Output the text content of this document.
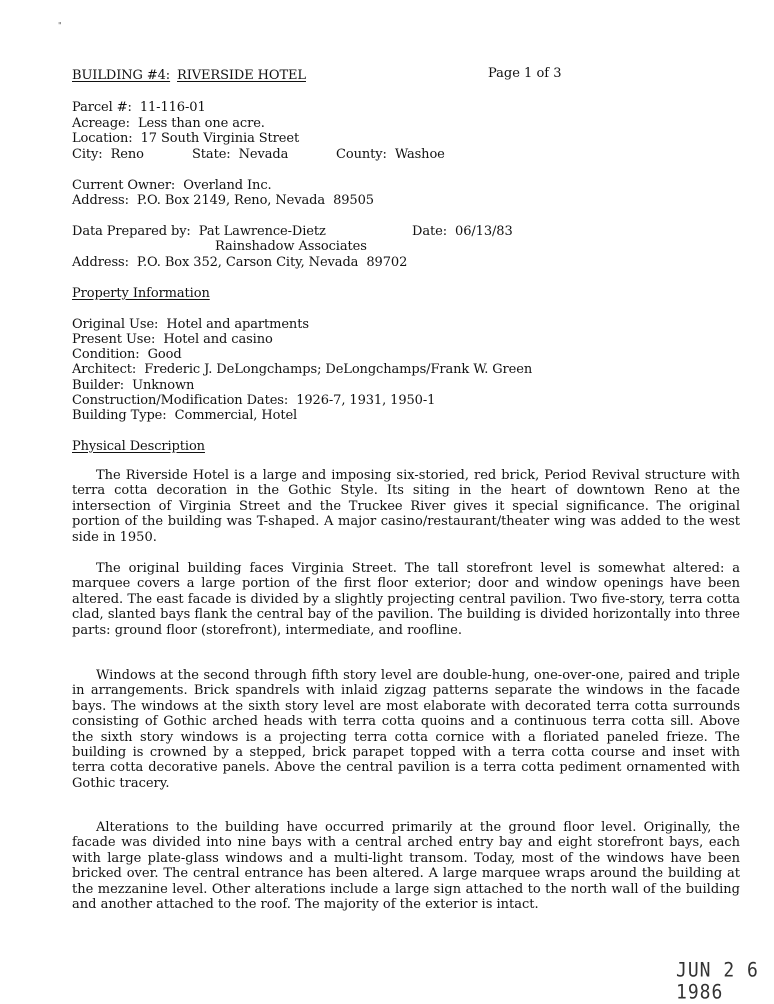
"
BUILDING #4: RIVERSIDE HOTEL	Page 1 of 3
Parcel #:  11-116-01
Acreage:  Less than one acre.
Location:  17 South Virginia Street
City:  Reno	State:  Nevada	County:  Washoe
Current Owner:  Overland Inc.
Address:  P.O. Box 2149, Reno, Nevada  89505
Data Prepared by:  Pat Lawrence-Dietz	Date:  06/13/83
Rainshadow Associates
Address:  P.O. Box 352, Carson City, Nevada  89702
Property Information
Original Use:  Hotel and apartments
Present Use:  Hotel and casino
Condition:  Good
Architect:  Frederic J. DeLongchamps; DeLongchamps/Frank W. Green
Builder:  Unknown
Construction/Modification Dates:  1926-7, 1931, 1950-1
Building Type:  Commercial, Hotel
Physical Description
The Riverside Hotel is a large and imposing six-storied, red brick, Period Revival structure with terra cotta decoration in the Gothic Style. Its siting in the heart of downtown Reno at the intersection of Virginia Street and the Truckee River gives it special significance. The original portion of the building was T-shaped. A major casino/restaurant/theater wing was added to the west side in 1950.
The original building faces Virginia Street. The tall storefront level is somewhat altered: a marquee covers a large portion of the first floor exterior; door and window openings have been altered. The east facade is divided by a slightly projecting central pavilion. Two five-story, terra cotta clad, slanted bays flank the central bay of the pavilion. The building is divided horizontally into three parts: ground floor (storefront), intermediate, and roofline.
Windows at the second through fifth story level are double-hung, one-over-one, paired and triple in arrangements. Brick spandrels with inlaid zigzag patterns separate the windows in the facade bays. The windows at the sixth story level are most elaborate with decorated terra cotta surrounds consisting of Gothic arched heads with terra cotta quoins and a continuous terra cotta sill. Above the sixth story windows is a projecting terra cotta cornice with a floriated paneled frieze. The building is crowned by a stepped, brick parapet topped with a terra cotta course and inset with terra cotta decorative panels. Above the central pavilion is a terra cotta pediment ornamented with Gothic tracery.
Alterations to the building have occurred primarily at the ground floor level. Originally, the facade was divided into nine bays with a central arched entry bay and eight storefront bays, each with large plate-glass windows and a multi-light transom. Today, most of the windows have been bricked over. The central entrance has been altered. A large marquee wraps around the building at the mezzanine level. Other alterations include a large sign attached to the north wall of the building and another attached to the roof. The majority of the exterior is intact.
JUN 2 6 1986
